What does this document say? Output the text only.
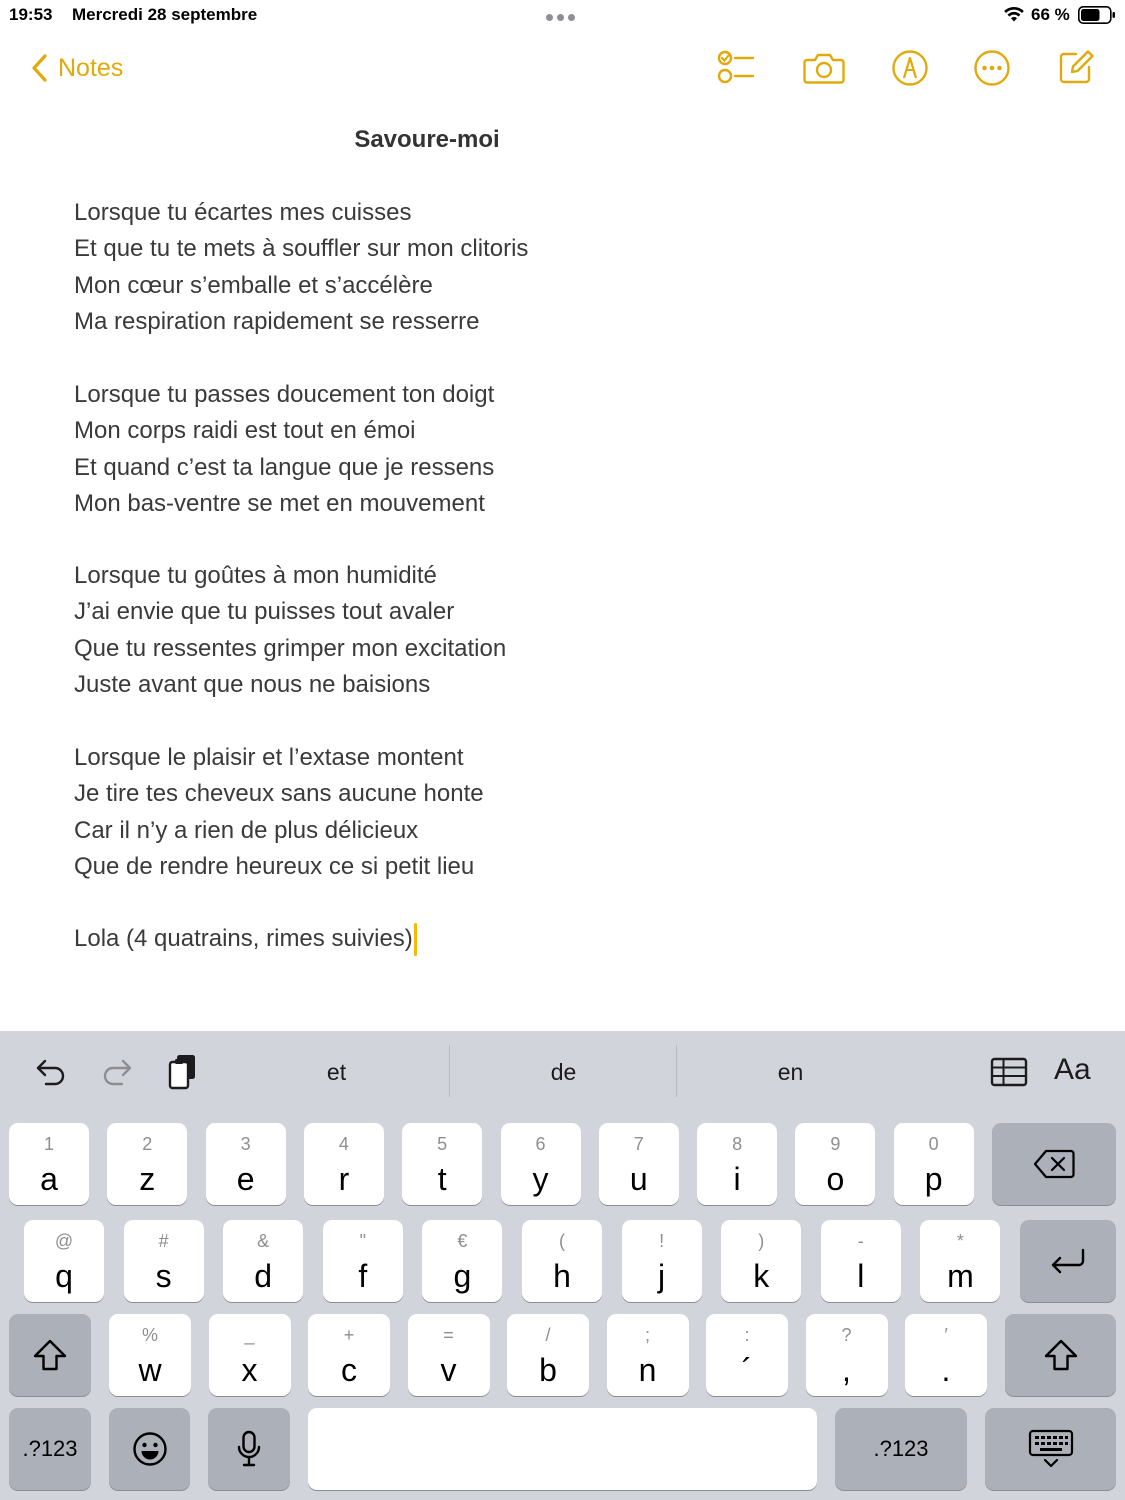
19:53 Mercredi 28 septembre	66 %
Notes
Savoure-moi
Lorsque tu écartes mes cuisses
Et que tu te mets à souffler sur mon clitoris
Mon cœur s’emballe et s’accélère
Ma respiration rapidement se resserre
Lorsque tu passes doucement ton doigt
Mon corps raidi est tout en émoi
Et quand c’est ta langue que je ressens
Mon bas-ventre se met en mouvement
Lorsque tu goûtes à mon humidité
J’ai envie que tu puisses tout avaler
Que tu ressentes grimper mon excitation
Juste avant que nous ne baisions
Lorsque le plaisir et l’extase montent
Je tire tes cheveux sans aucune honte
Car il n’y a rien de plus délicieux
Que de rendre heureux ce si petit lieu
Lola (4 quatrains, rimes suivies)
et	de	en	Aa
1
a
2
z
3
e
4
r
5
t
6
y
7
u
8
i
9
o
0
p
@
q
#
s
&
d
"
f
€
g
(
h
!
j
)
k
-
l
*
m
%
w
_
x
+
c
=
v
/
b
;
n
:
´
?
,
′
.
.?123	.?123
